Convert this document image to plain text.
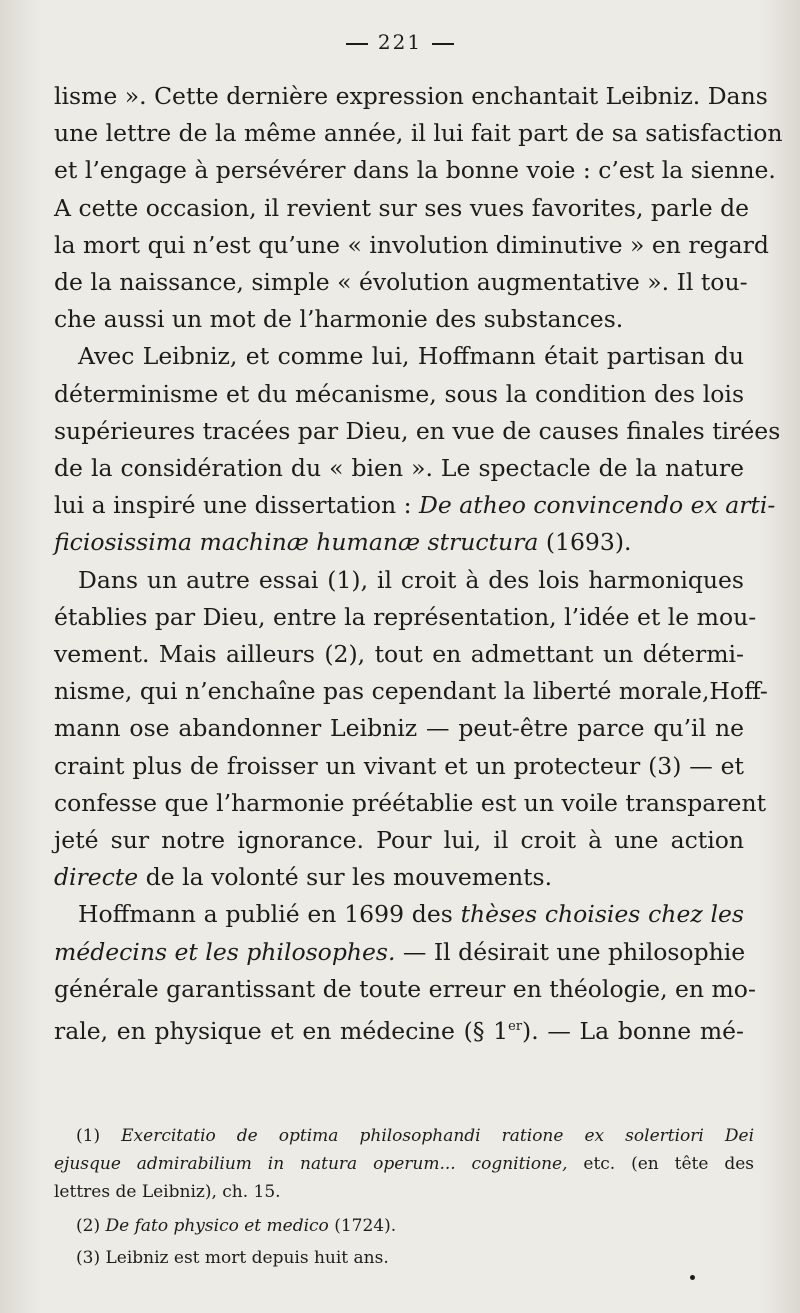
221

lisme ». Cette dernière expression enchantait Leibniz. Dans
une lettre de la même année, il lui fait part de sa satisfaction
et l’engage à persévérer dans la bonne voie : c’est la sienne.
A cette occasion, il revient sur ses vues favorites, parle de
la mort qui n’est qu’une « involution diminutive » en regard
de la naissance, simple « évolution augmentative ». Il tou-
che aussi un mot de l’harmonie des substances.

Avec Leibniz, et comme lui, Hoffmann était partisan du
déterminisme et du mécanisme, sous la condition des lois
supérieures tracées par Dieu, en vue de causes finales tirées
de la considération du « bien ». Le spectacle de la nature
lui a inspiré une dissertation : De atheo convincendo ex arti-
ficiosissima machinæ humanæ structura (1693).

Dans un autre essai (1), il croit à des lois harmoniques
établies par Dieu, entre la représentation, l’idée et le mou-
vement. Mais ailleurs (2), tout en admettant un détermi-
nisme, qui n’enchaîne pas cependant la liberté morale,Hoff-
mann ose abandonner Leibniz — peut-être parce qu’il ne
craint plus de froisser un vivant et un protecteur (3) — et
confesse que l’harmonie préétablie est un voile transparent
jeté sur notre ignorance. Pour lui, il croit à une action
directe de la volonté sur les mouvements.

Hoffmann a publié en 1699 des thèses choisies chez les
médecins et les philosophes. — Il désirait une philosophie
générale garantissant de toute erreur en théologie, en mo-
rale, en physique et en médecine (§ 1er). — La bonne mé-

(1) Exercitatio de optima philosophandi ratione ex solertiori Dei
ejusque admirabilium in natura operum... cognitione, etc. (en tête des
lettres de Leibniz), ch. 15.
(2) De fato physico et medico (1724).
(3) Leibniz est mort depuis huit ans.
